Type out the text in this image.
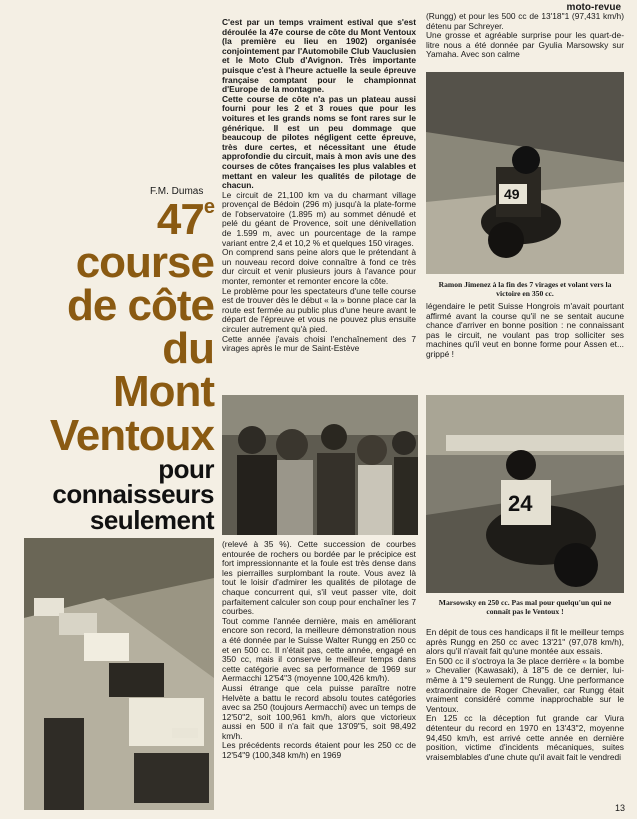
moto-revue
F.M. Dumas
47e
course
de côte
du
Mont
Ventoux
pour
connaisseurs
seulement

C'est par un temps vraiment estival que s'est déroulée la 47e course de côte du Mont Ventoux (la première eu lieu en 1902) organisée conjointement par l'Automobile Club Vauclusien et le Moto Club d'Avignon. Très importante puisque c'est à l'heure actuelle la seule épreuve française comptant pour le championnat d'Europe de la montagne.

Cette course de côte n'a pas un plateau aussi fourni pour les 2 et 3 roues que pour les voitures et les grands noms se font rares sur le générique. Il est un peu dommage que beaucoup de pilotes négligent cette épreuve, très dure certes, et nécessitant une étude approfondie du circuit, mais à mon avis une des courses de côtes françaises les plus valables et mettant en valeur les qualités de pilotage de chacun.

Le circuit de 21,100 km va du charmant village provençal de Bédoin (296 m) jusqu'à la plate-forme de l'observatoire (1.895 m) au sommet dénudé et pelé du géant de Provence, soit une dénivellation de 1.599 m, avec un pourcentage de la rampe variant entre 2,4 et 10,2 % et quelques 150 virages.

On comprend sans peine alors que le prétendant à un nouveau record doive connaître à fond ce très dur circuit et venir plusieurs jours à l'avance pour monter, remonter et remonter encore la côte.

Le problème pour les spectateurs d'une telle course est de trouver dès le début « la » bonne place car la route est fermée au public plus d'une heure avant le départ de l'épreuve et vous ne pouvez plus ensuite circuler autrement qu'à pied.

Cette année j'avais choisi l'enchaînement des 7 virages après le mur de Saint-Estève

(relevé à 35 %). Cette succession de courbes entourée de rochers ou bordée par le précipice est fort impressionnante et la foule est très dense dans les pierrailles surplombant la route. Vous avez là tout le loisir d'admirer les qualités de pilotage de chaque concurrent qui, s'il veut passer vite, doit parfaitement calculer son coup pour enchaîner les 7 courbes.

Tout comme l'année dernière, mais en améliorant encore son record, la meilleure démonstration nous a été donnée par le Suisse Walter Rungg en 250 cc et en 500 cc. Il n'était pas, cette année, engagé en 350 cc, mais il conserve le meilleur temps dans cette catégorie avec sa performance de 1969 sur Aermacchi 12'54"3 (moyenne 100,426 km/h).

Aussi étrange que cela puisse paraître notre Helvète a battu le record absolu toutes catégories avec sa 250 (toujours Aermacchi) avec un temps de 12'50"2, soit 100,961 km/h, alors que victorieux aussi en 500 il n'a fait que 13'09"5, soit 98,492 km/h.

Les précédents records étaient pour les 250 cc de 12'54"9 (100,348 km/h) en 1969

(Rungg) et pour les 500 cc de 13'18"1 (97,431 km/h) détenu par Schreyer.

Une grosse et agréable surprise pour les quart-de-litre nous a été donnée par Gyulia Marsowsky sur Yamaha. Avec son calme

49
Ramon Jimenez à la fin des 7 virages et volant vers la victoire en 350 cc.

légendaire le petit Suisse Hongrois m'avait pourtant affirmé avant la course qu'il ne se sentait aucune chance d'arriver en bonne position : ne connaissant pas le circuit, ne voulant pas trop solliciter ses machines qu'il veut en bonne forme pour Assen et... grippé !

24
Marsowsky en 250 cc. Pas mal pour quelqu'un qui ne connaît pas le Ventoux !

En dépit de tous ces handicaps il fit le meilleur temps après Rungg en 250 cc avec 13'21" (97,078 km/h), alors qu'il n'avait fait qu'une montée aux essais.

En 500 cc il s'octroya la 3e place derrière « la bombe » Chevalier (Kawasaki), à 18"5 de ce dernier, lui-même à 1"9 seulement de Rungg. Une performance extraordinaire de Roger Chevalier, car Rungg était vraiment considéré comme inapprochable sur le Ventoux.

En 125 cc la déception fut grande car Viura détenteur du record en 1970 en 13'43"2, moyenne 94,450 km/h, est arrivé cette année en dernière position, victime d'incidents mécaniques, suites vraisemblables d'une chute qu'il avait fait le vendredi

13
